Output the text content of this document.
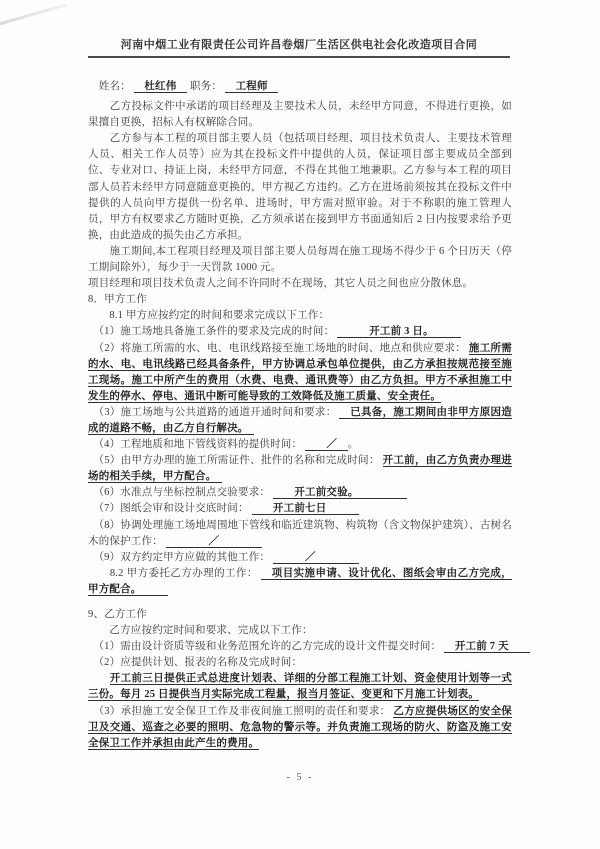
河南中烟工业有限责任公司许昌卷烟厂生活区供电社会化改造项目合同

　姓名： 　杜红伟　 职务： 　工程师　

　　乙方投标文件中承诺的项目经理及主要技术人员，未经甲方同意，不得进行更换，如果擅自更换，招标人有权解除合同。

　　乙方参与本工程的项目部主要人员（包括项目经理、项目技术负责人、主要技术管理人员、相关工作人员等）应为其在投标文件中提供的人员，保证项目部主要成员全部到位、专业对口、持证上岗，未经甲方同意，不得在其他工地兼职。乙方参与本工程的项目部人员若未经甲方同意随意更换的，甲方视乙方违约。乙方在进场前须按其在投标文件中提供的人员向甲方提供一份名单、进场时，甲方需对照审验。对于不称职的施工管理人员，甲方有权要求乙方随时更换，乙方须承诺在接到甲方书面通知后 2 日内按要求给予更换，由此造成的损失由乙方承担。

　　施工期间,本工程项目经理及项目部主要人员每周在施工现场不得少于 6 个日历天（停工期间除外），每少于一天罚款 1000 元。

项目经理和项目技术负责人之间不许同时不在现场，其它人员之间也应分散休息。

8．甲方工作

　　8.1 甲方应按约定的时间和要求完成以下工作：

　（1）施工场地具备施工条件的要求及完成的时间： 　　　开工前 3 日。　　　

　（2）将施工所需的水、电、电讯线路接至施工场地的时间、地点和供应要求： 施工所需的水、电、电讯线路已经具备条件，甲方协调总承包单位提供，由乙方承担按规范接至施工现场。施工中所产生的费用（水费、电费、通讯费等）由乙方负担。甲方不承担施工中发生的停水、停电、通讯中断可能导致的工效降低及施工质量、安全责任。

　（3）施工场地与公共道路的通道开通时间和要求： 　已具备，施工期间由非甲方原因造成的道路不畅，由乙方自行解决。　

　（4）工程地质和地下管线资料的提供时间： 　　／　。

　（5）由甲方办理的施工所需证件、批件的名称和完成时间： 开工前，由乙方负责办理进场的相关手续，甲方配合。　

　（6）水准点与坐标控制点交验要求： 　　开工前交验。　　　　　

　（7）图纸会审和设计交底时间： 　　开工前七日　　　

　（8）协调处理施工场地周围地下管线和临近建筑物、构筑物（含文物保护建筑）、古树名木的保护工作： 　　　　／　　　　

　（9）双方约定甲方应做的其他工作： 　　　／　　　　

　　8.2 甲方委托乙方办理的工作： 　项目实施申请、设计优化、图纸会审由乙方完成，甲方配合。　　　

9、乙方工作

　　乙方应按约定时间和要求、完成以下工作：

　（1）需由设计资质等级和业务范围允许的乙方完成的设计文件提交时间： 　开工前 7 天　　

　（2）应提供计划、报表的名称及完成时间：

　　开工前三日提供正式总进度计划表、详细的分部工程施工计划、资金使用计划等一式三份。每月 25 日提供当月实际完成工程量，报当月签证、变更和下月施工计划表。

　（3）承担施工安全保卫工作及非夜间施工照明的责任和要求： 乙方应提供场区的安全保卫及交通、巡查之必要的照明、危急物的警示等。并负责施工现场的防火、防盗及施工安全保卫工作并承担由此产生的费用。

- 5 -
